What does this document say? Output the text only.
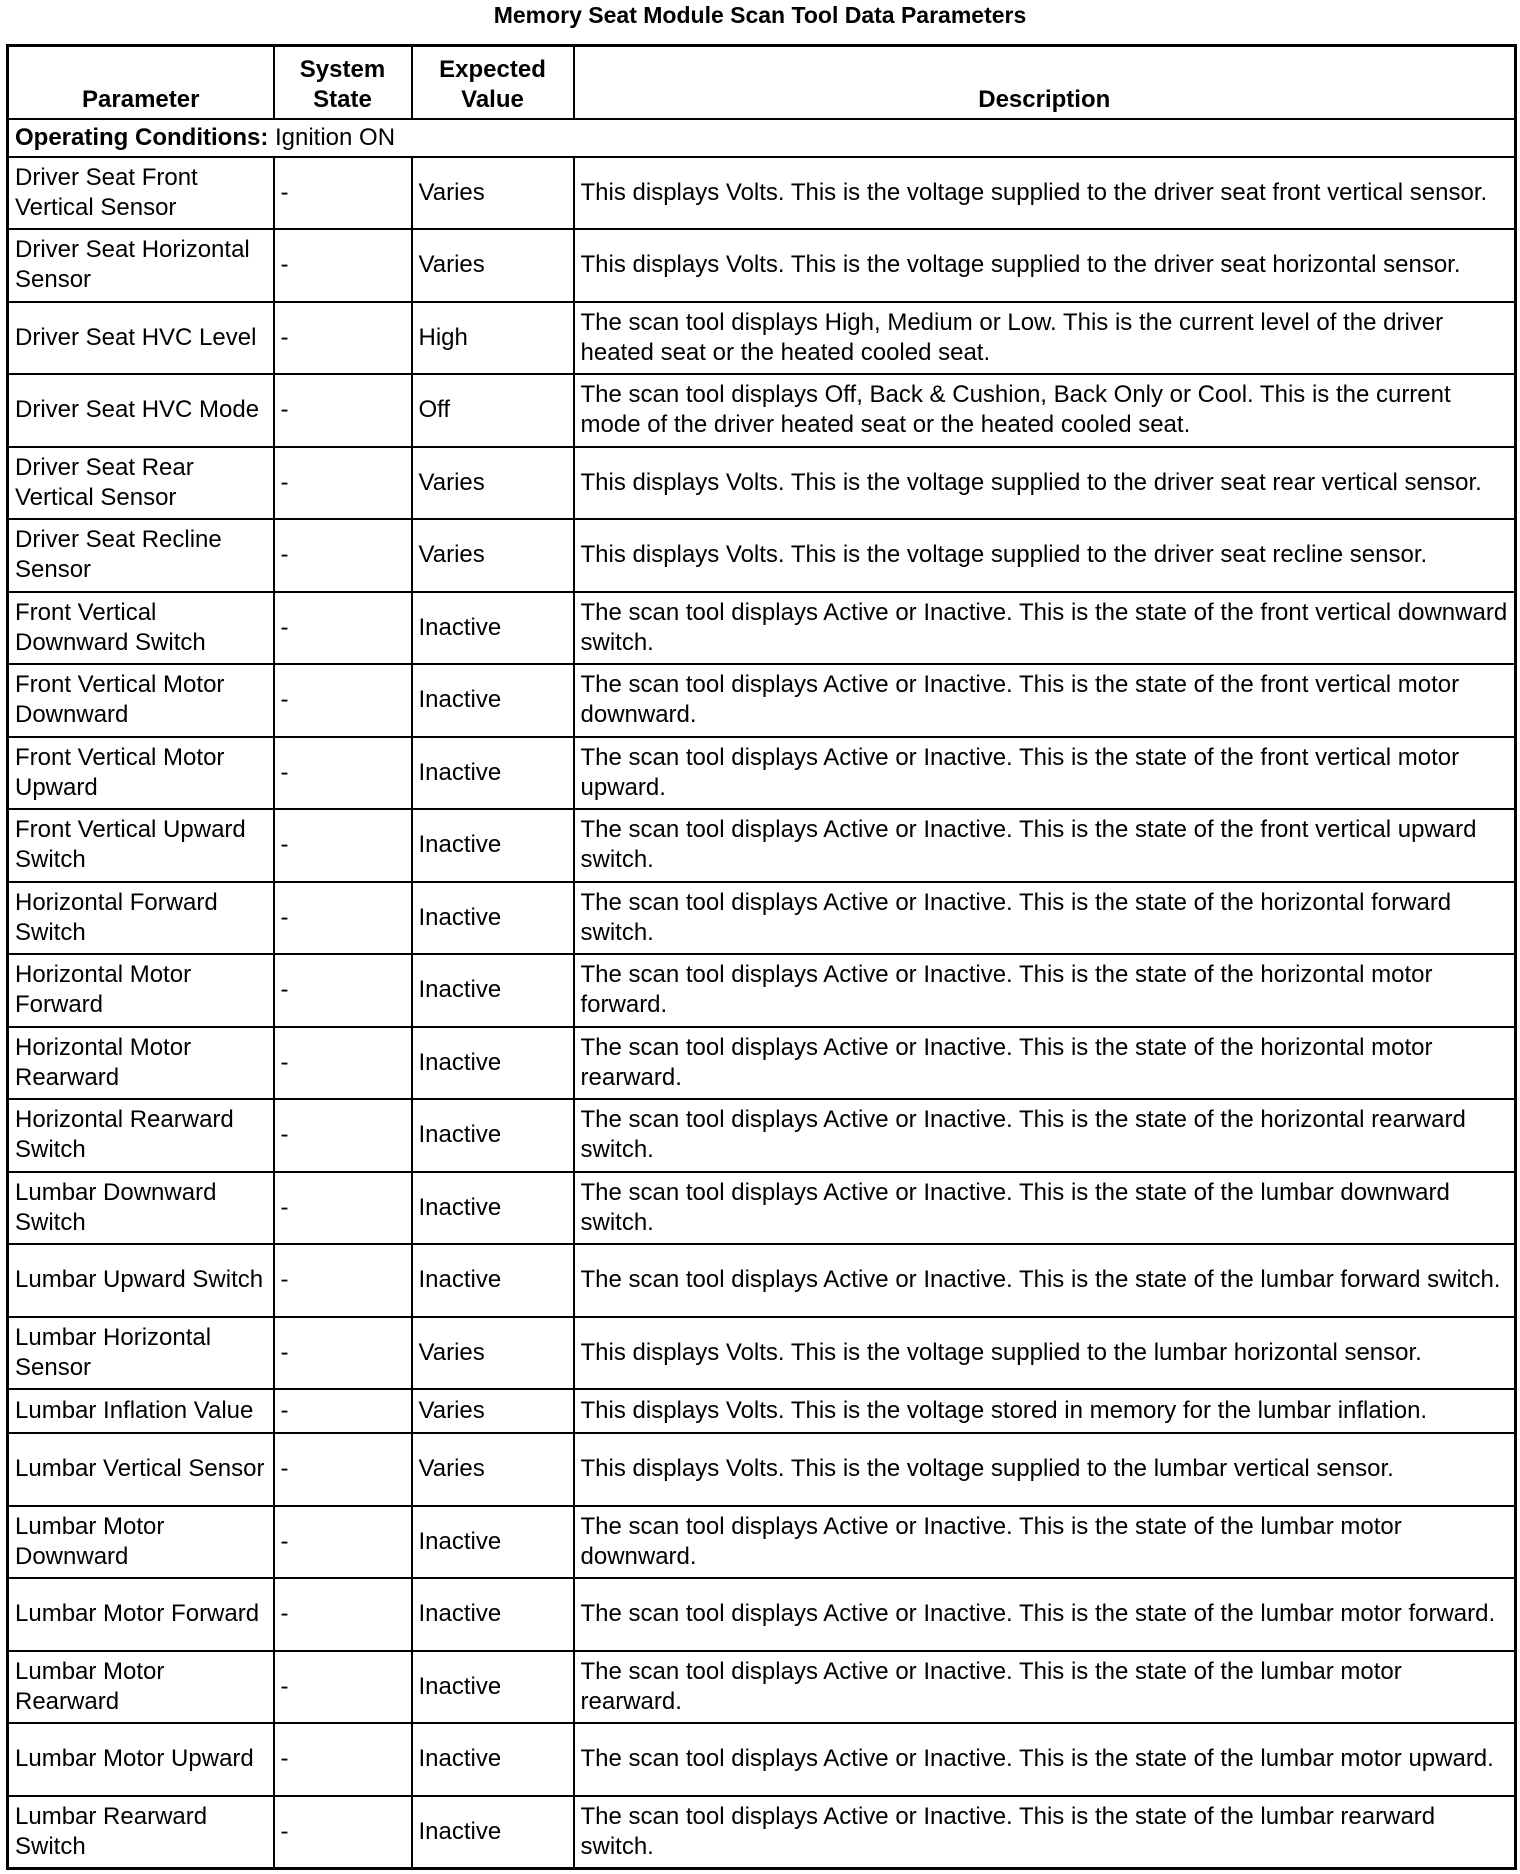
Memory Seat Module Scan Tool Data Parameters
Parameter	System State	Expected Value	Description
Operating Conditions: Ignition ON			
Driver Seat Front Vertical Sensor	-	Varies	This displays Volts. This is the voltage supplied to the driver seat front vertical sensor.
Driver Seat Horizontal Sensor	-	Varies	This displays Volts. This is the voltage supplied to the driver seat horizontal sensor.
Driver Seat HVC Level	-	High	The scan tool displays High, Medium or Low. This is the current level of the driver heated seat or the heated cooled seat.
Driver Seat HVC Mode	-	Off	The scan tool displays Off, Back & Cushion, Back Only or Cool. This is the current mode of the driver heated seat or the heated cooled seat.
Driver Seat Rear Vertical Sensor	-	Varies	This displays Volts. This is the voltage supplied to the driver seat rear vertical sensor.
Driver Seat Recline Sensor	-	Varies	This displays Volts. This is the voltage supplied to the driver seat recline sensor.
Front Vertical Downward Switch	-	Inactive	The scan tool displays Active or Inactive. This is the state of the front vertical downward switch.
Front Vertical Motor Downward	-	Inactive	The scan tool displays Active or Inactive. This is the state of the front vertical motor downward.
Front Vertical Motor Upward	-	Inactive	The scan tool displays Active or Inactive. This is the state of the front vertical motor upward.
Front Vertical Upward Switch	-	Inactive	The scan tool displays Active or Inactive. This is the state of the front vertical upward switch.
Horizontal Forward Switch	-	Inactive	The scan tool displays Active or Inactive. This is the state of the horizontal forward switch.
Horizontal Motor Forward	-	Inactive	The scan tool displays Active or Inactive. This is the state of the horizontal motor forward.
Horizontal Motor Rearward	-	Inactive	The scan tool displays Active or Inactive. This is the state of the horizontal motor rearward.
Horizontal Rearward Switch	-	Inactive	The scan tool displays Active or Inactive. This is the state of the horizontal rearward switch.
Lumbar Downward Switch	-	Inactive	The scan tool displays Active or Inactive. This is the state of the lumbar downward switch.
Lumbar Upward Switch	-	Inactive	The scan tool displays Active or Inactive. This is the state of the lumbar forward switch.
Lumbar Horizontal Sensor	-	Varies	This displays Volts. This is the voltage supplied to the lumbar horizontal sensor.
Lumbar Inflation Value	-	Varies	This displays Volts. This is the voltage stored in memory for the lumbar inflation.
Lumbar Vertical Sensor	-	Varies	This displays Volts. This is the voltage supplied to the lumbar vertical sensor.
Lumbar Motor Downward	-	Inactive	The scan tool displays Active or Inactive. This is the state of the lumbar motor downward.
Lumbar Motor Forward	-	Inactive	The scan tool displays Active or Inactive. This is the state of the lumbar motor forward.
Lumbar Motor Rearward	-	Inactive	The scan tool displays Active or Inactive. This is the state of the lumbar motor rearward.
Lumbar Motor Upward	-	Inactive	The scan tool displays Active or Inactive. This is the state of the lumbar motor upward.
Lumbar Rearward Switch	-	Inactive	The scan tool displays Active or Inactive. This is the state of the lumbar rearward switch.
